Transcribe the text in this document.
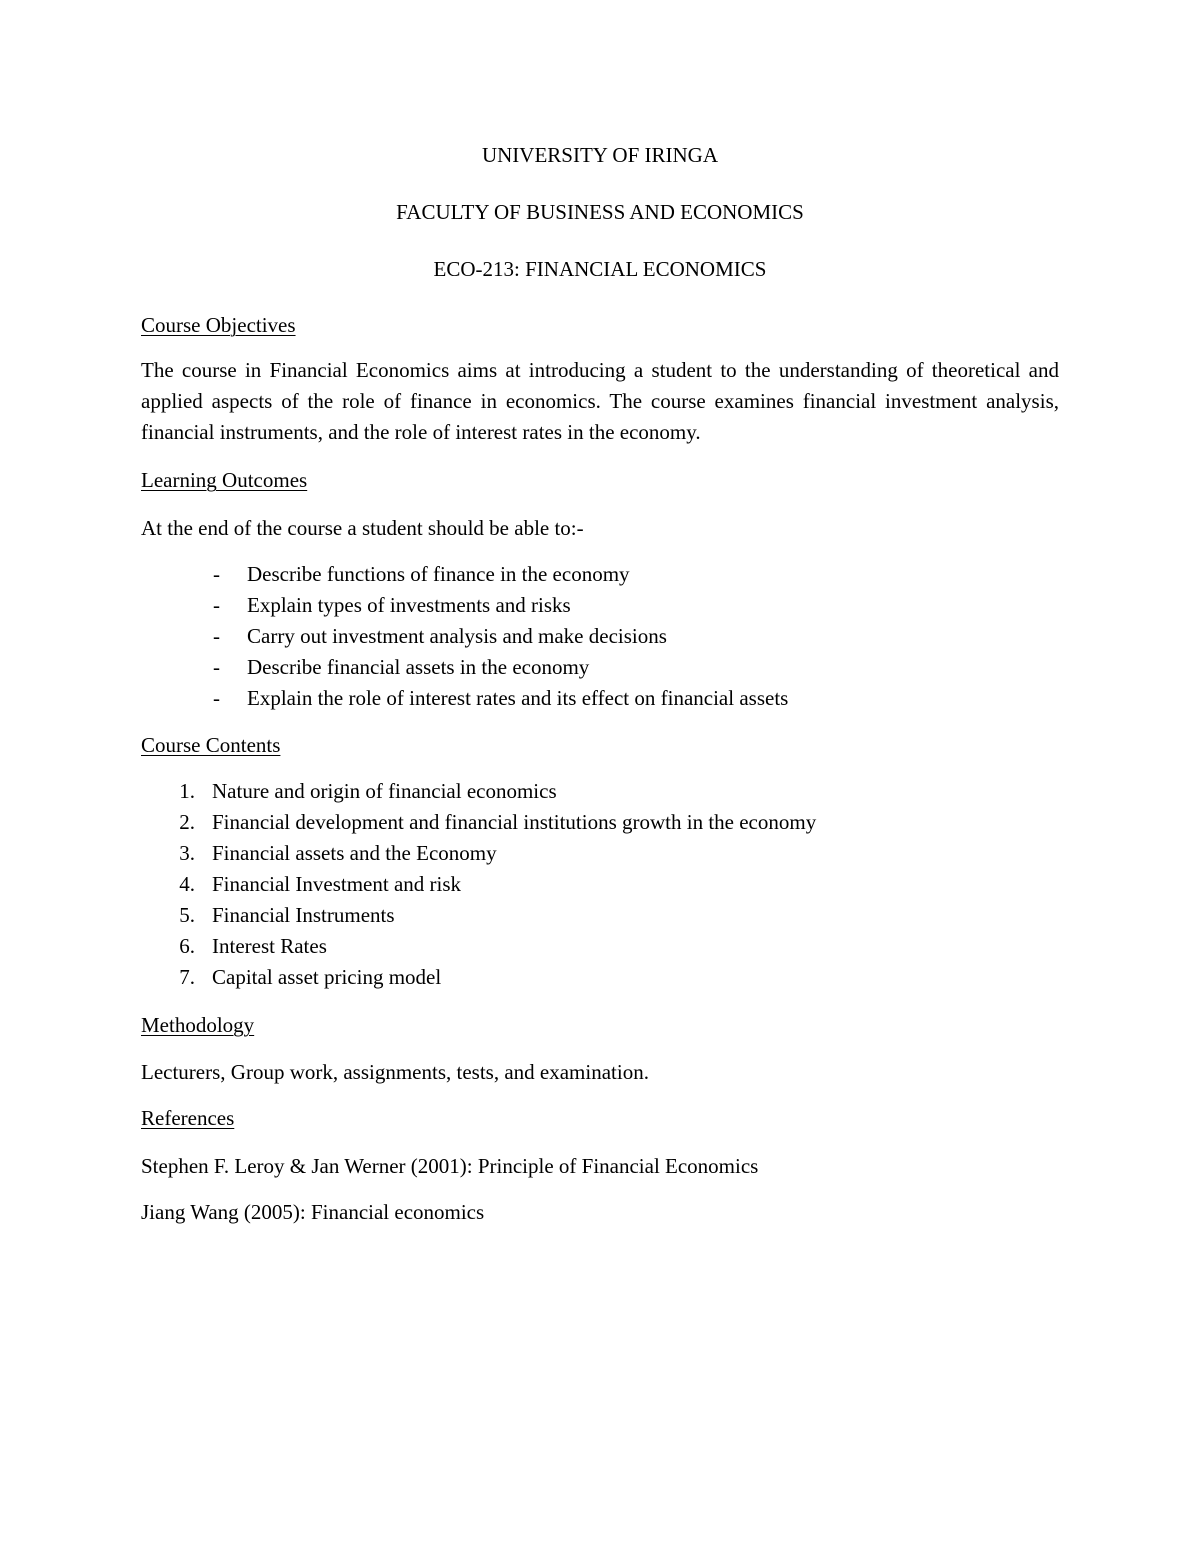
UNIVERSITY OF IRINGA
FACULTY OF BUSINESS AND ECONOMICS
ECO-213: FINANCIAL ECONOMICS
Course Objectives
The course in Financial Economics aims at introducing a student to the understanding of theoretical and applied aspects of the role of finance in economics. The course examines financial investment analysis, financial instruments, and the role of interest rates in the economy.
Learning Outcomes
At the end of the course a student should be able to:-
- Describe functions of finance in the economy
- Explain types of investments and risks
- Carry out investment analysis and make decisions
- Describe financial assets in the economy
- Explain the role of interest rates and its effect on financial assets
Course Contents
1. Nature and origin of financial economics
2. Financial development and financial institutions growth in the economy
3. Financial assets and the Economy
4. Financial Investment and risk
5. Financial Instruments
6. Interest Rates
7. Capital asset pricing model
Methodology
Lecturers, Group work, assignments, tests, and examination.
References
Stephen F. Leroy & Jan Werner (2001): Principle of Financial Economics
Jiang Wang (2005): Financial economics
